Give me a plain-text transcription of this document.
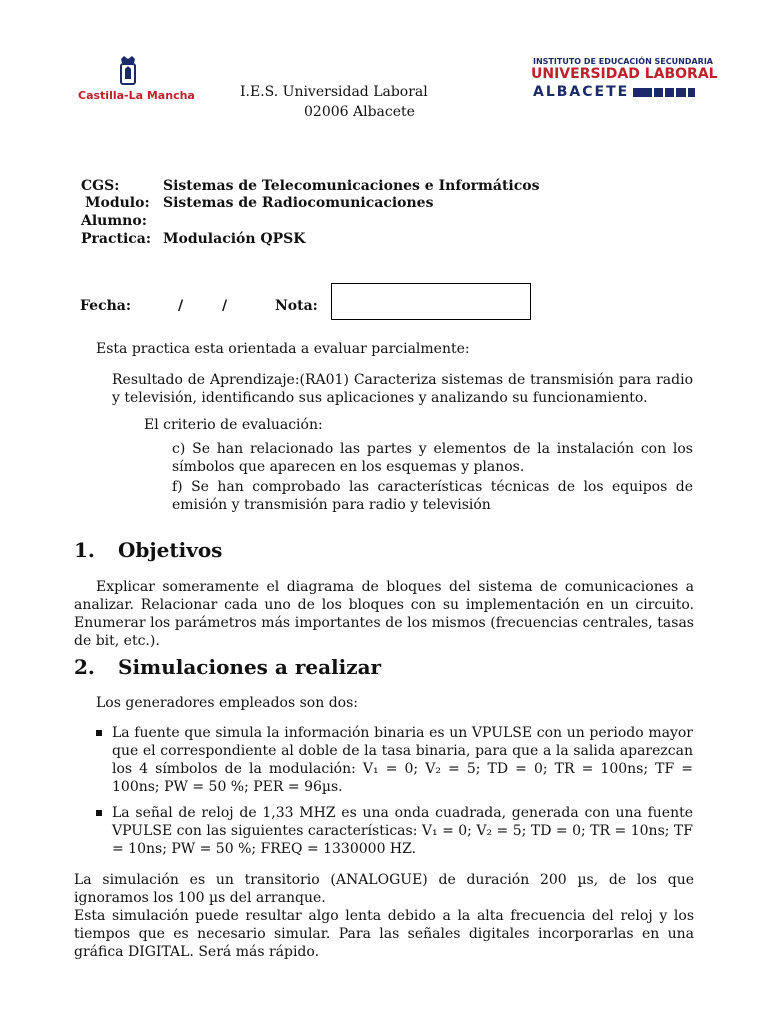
Castilla-La Mancha	I.E.S. Universidad Laboral
02006 Albacete
INSTITUTO DE EDUCACIÓN SECUNDARIA
UNIVERSIDAD LABORAL
ALBACETE
CGS:	Sistemas de Telecomunicaciones e Informáticos
Modulo: Sistemas de Radiocomunicaciones
Alumno:
Practica: Modulación QPSK
Fecha:	/	/	Nota:
Esta practica esta orientada a evaluar parcialmente:
Resultado de Aprendizaje:(RA01) Caracteriza sistemas de transmisión para radio y televisión, identificando sus aplicaciones y analizando su funcionamiento.
El criterio de evaluación:
c) Se han relacionado las partes y elementos de la instalación con los símbolos que aparecen en los esquemas y planos.
f) Se han comprobado las características técnicas de los equipos de emisión y transmisión para radio y televisión
1. Objetivos
Explicar someramente el diagrama de bloques del sistema de comunicaciones a analizar. Relacionar cada uno de los bloques con su implementación en un circuito. Enumerar los parámetros más importantes de los mismos (frecuencias centrales, tasas de bit, etc.).
2. Simulaciones a realizar
Los generadores empleados son dos:
La fuente que simula la información binaria es un VPULSE con un periodo mayor que el correspondiente al doble de la tasa binaria, para que a la salida aparezcan los 4 símbolos de la modulación: V₁ = 0; V₂ = 5; TD = 0; TR = 100ns; TF = 100ns; PW = 50 %; PER = 96µs.
La señal de reloj de 1,33 MHZ es una onda cuadrada, generada con una fuente VPULSE con las siguientes características: V₁ = 0; V₂ = 5; TD = 0; TR = 10ns; TF = 10ns; PW = 50 %; FREQ = 1330000 HZ.
La simulación es un transitorio (ANALOGUE) de duración 200 µs, de los que ignoramos los 100 µs del arranque.
Esta simulación puede resultar algo lenta debido a la alta frecuencia del reloj y los tiempos que es necesario simular. Para las señales digitales incorporarlas en una gráfica DIGITAL. Será más rápido.
